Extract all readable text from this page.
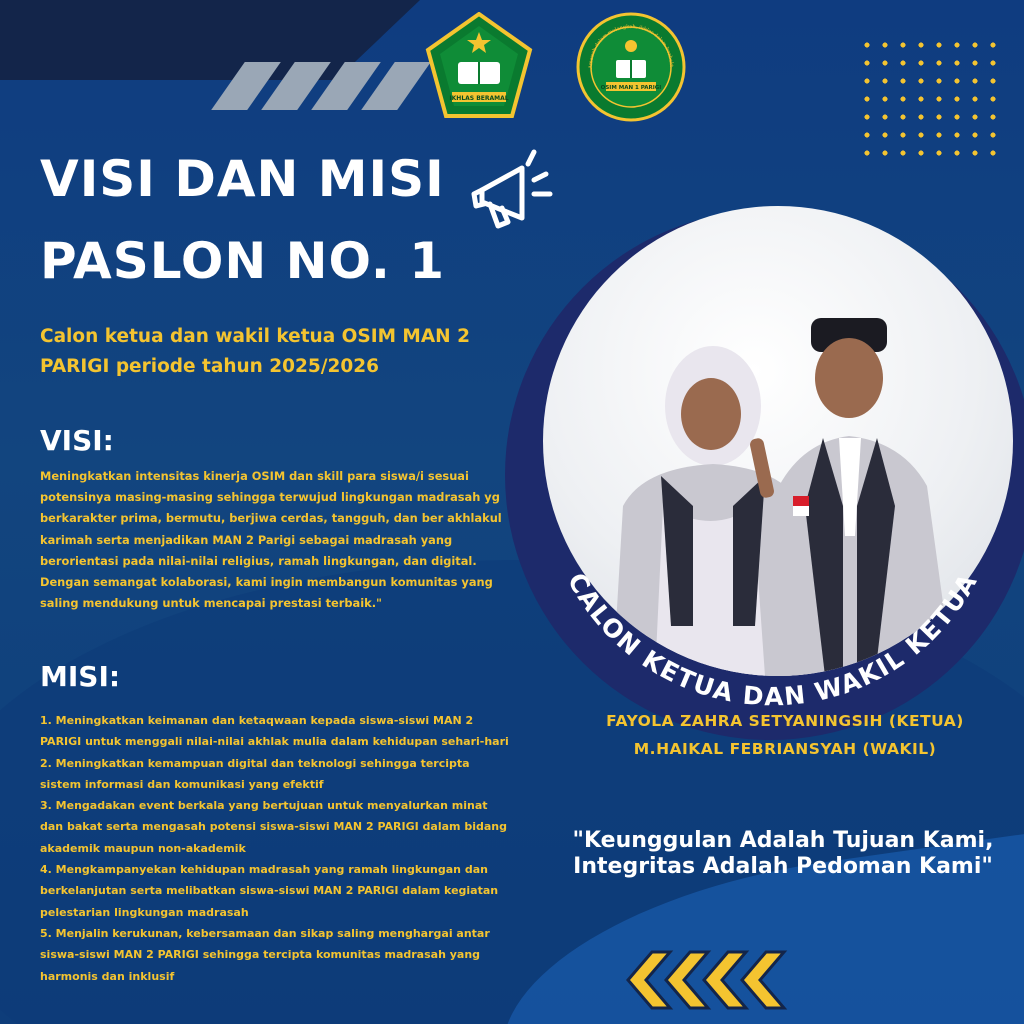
IKHLAS BERAMAL
OSIM MAN 1 PARIGI
Amanah dalam melangkah, ikhlas dalam berbakt
VISI DAN MISI
PASLON NO. 1
Calon ketua dan wakil ketua OSIM MAN 2 PARIGI periode tahun 2025/2026
VISI:

Meningkatkan intensitas kinerja OSIM dan skill para siswa/i sesuai potensinya masing-masing sehingga terwujud lingkungan madrasah yg berkarakter prima, bermutu, berjiwa cerdas, tangguh, dan ber akhlakul karimah serta menjadikan MAN 2 Parigi sebagai madrasah yang berorientasi pada nilai-nilai religius, ramah lingkungan, dan digital. Dengan semangat kolaborasi, kami ingin membangun komunitas yang saling mendukung untuk mencapai prestasi terbaik."

MISI:
1. Meningkatkan keimanan dan ketaqwaan kepada siswa-siswi MAN 2 PARIGI untuk menggali nilai-nilai akhlak mulia dalam kehidupan sehari-hari
2. Meningkatkan kemampuan digital dan teknologi sehingga tercipta sistem informasi dan komunikasi yang efektif
3. Mengadakan event berkala yang bertujuan untuk menyalurkan minat dan bakat serta mengasah potensi siswa-siswi MAN 2 PARIGI dalam bidang akademik maupun non-akademik
4. Mengkampanyekan kehidupan madrasah yang ramah lingkungan dan berkelanjutan serta melibatkan siswa-siswi MAN 2 PARIGI dalam kegiatan pelestarian lingkungan madrasah
5. Menjalin kerukunan, kebersamaan dan sikap saling menghargai antar siswa-siswi MAN 2 PARIGI sehingga tercipta komunitas madrasah yang harmonis dan inklusif
CALON KETUA DAN WAKIL KETUA
FAYOLA ZAHRA SETYANINGSIH (KETUA)
M.HAIKAL FEBRIANSYAH (WAKIL)
"Keunggulan Adalah Tujuan Kami,
Integritas Adalah Pedoman Kami"
